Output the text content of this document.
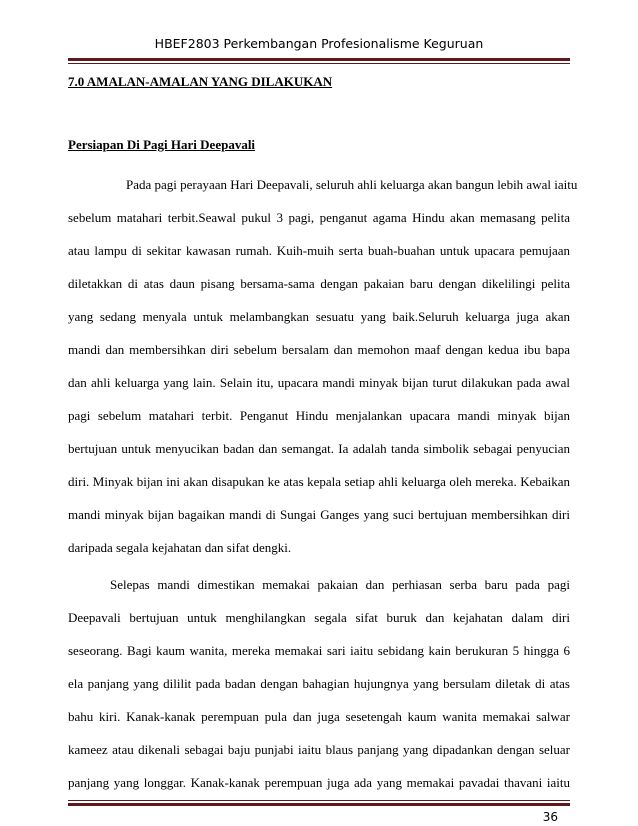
HBEF2803 Perkembangan Profesionalisme Keguruan
7.0 AMALAN-AMALAN YANG DILAKUKAN
Persiapan Di Pagi Hari Deepavali
Pada pagi perayaan Hari Deepavali, seluruh ahli keluarga akan bangun lebih awal iaitu
sebelum matahari terbit.Seawal pukul 3 pagi, penganut agama Hindu akan memasang pelita
atau lampu di sekitar kawasan rumah. Kuih-muih serta buah-buahan untuk upacara pemujaan
diletakkan di atas daun pisang bersama-sama dengan pakaian baru dengan dikelilingi pelita
yang sedang menyala untuk melambangkan sesuatu yang baik.Seluruh keluarga juga akan
mandi dan membersihkan diri sebelum bersalam dan memohon maaf dengan kedua ibu bapa
dan ahli keluarga yang lain. Selain itu, upacara mandi minyak bijan turut dilakukan pada awal
pagi sebelum matahari terbit. Penganut Hindu menjalankan upacara mandi minyak bijan
bertujuan untuk menyucikan badan dan semangat. Ia adalah tanda simbolik sebagai penyucian
diri. Minyak bijan ini akan disapukan ke atas kepala setiap ahli keluarga oleh mereka. Kebaikan
mandi minyak bijan bagaikan mandi di Sungai Ganges yang suci bertujuan membersihkan diri
daripada segala kejahatan dan sifat dengki.
Selepas mandi dimestikan memakai pakaian dan perhiasan serba baru pada pagi
Deepavali bertujuan untuk menghilangkan segala sifat buruk dan kejahatan dalam diri
seseorang. Bagi kaum wanita, mereka memakai sari iaitu sebidang kain berukuran 5 hingga 6
ela panjang yang dililit pada badan dengan bahagian hujungnya yang bersulam diletak di atas
bahu kiri. Kanak-kanak perempuan pula dan juga sesetengah kaum wanita memakai salwar
kameez atau dikenali sebagai baju punjabi iaitu blaus panjang yang dipadankan dengan seluar
panjang yang longgar. Kanak-kanak perempuan juga ada yang memakai pavadai thavani iaitu
36
